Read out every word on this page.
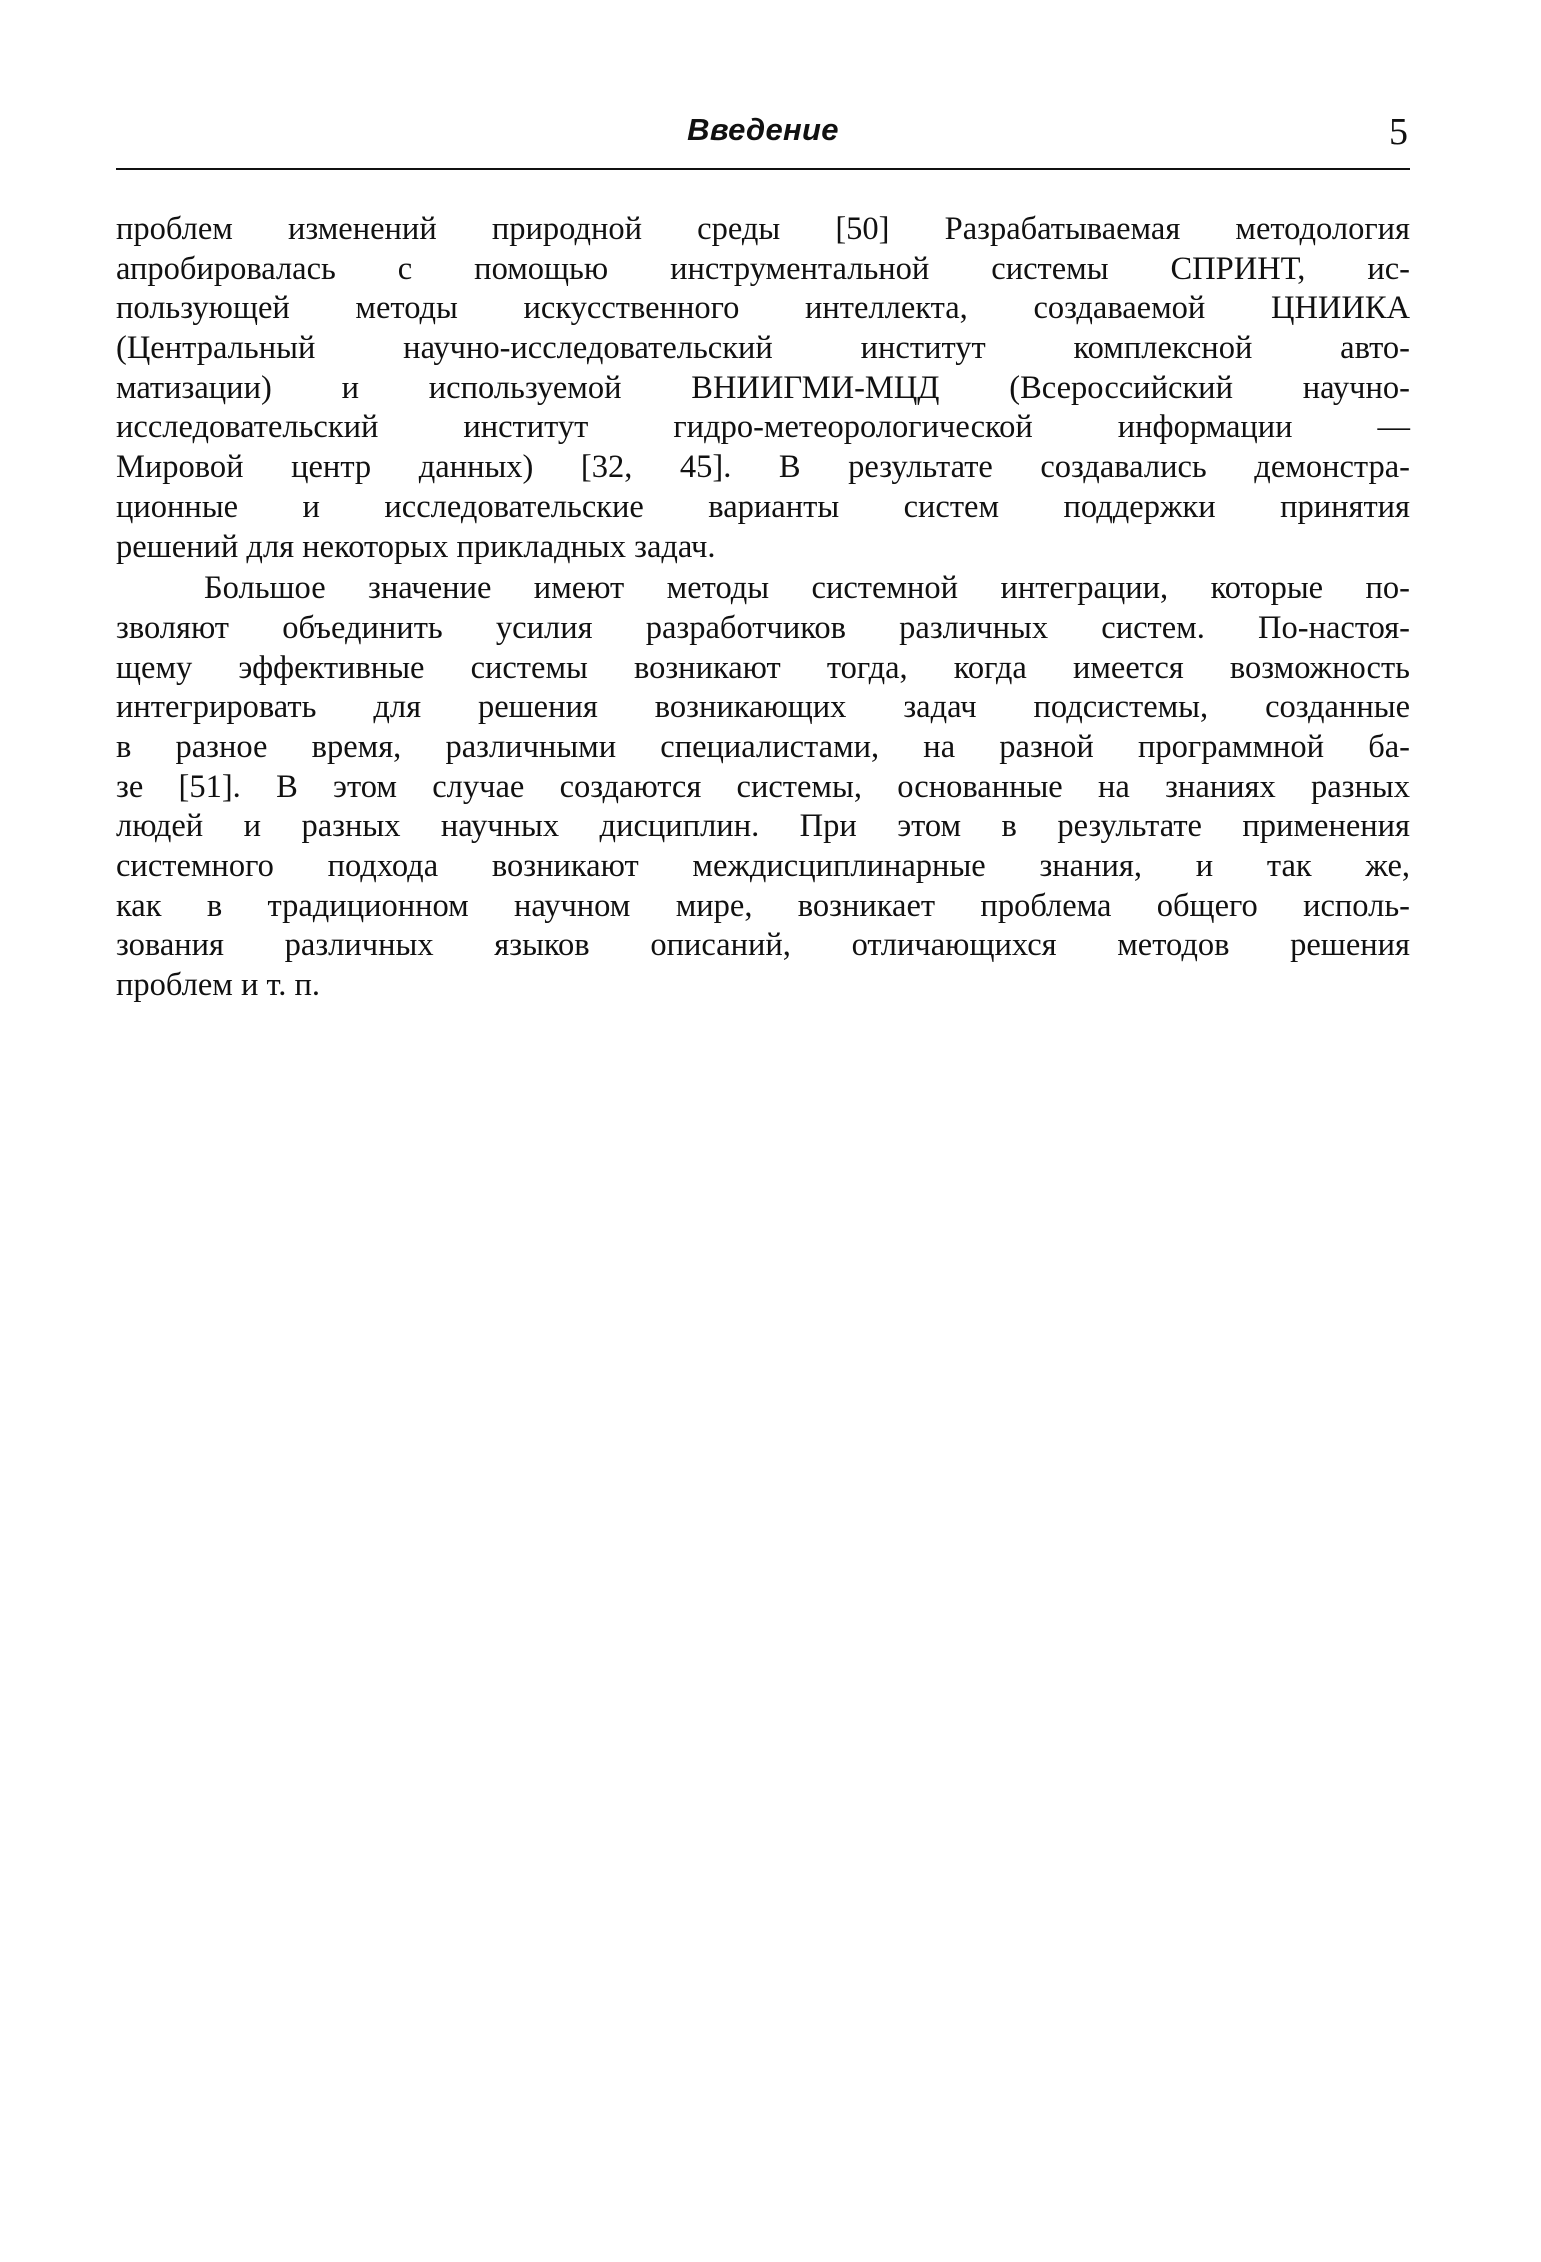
Введение	5
проблем изменений природной среды [50] Разрабатываемая методология
апробировалась с помощью инструментальной системы СПРИНТ, ис-
пользующей методы искусственного интеллекта, создаваемой ЦНИИКА
(Центральный научно-исследовательский институт комплексной авто-
матизации) и используемой ВНИИГМИ-МЦД (Всероссийский научно-
исследовательский институт гидро-метеорологической информации —
Мировой центр данных) [32, 45]. В результате создавались демонстра-
ционные и исследовательские варианты систем поддержки принятия
решений для некоторых прикладных задач.
Большое значение имеют методы системной интеграции, которые по-
зволяют объединить усилия разработчиков различных систем. По-настоя-
щему эффективные системы возникают тогда, когда имеется возможность
интегрировать для решения возникающих задач подсистемы, созданные
в разное время, различными специалистами, на разной программной ба-
зе [51]. В этом случае создаются системы, основанные на знаниях разных
людей и разных научных дисциплин. При этом в результате применения
системного подхода возникают междисциплинарные знания, и так же,
как в традиционном научном мире, возникает проблема общего исполь-
зования различных языков описаний, отличающихся методов решения
проблем и т. п.
